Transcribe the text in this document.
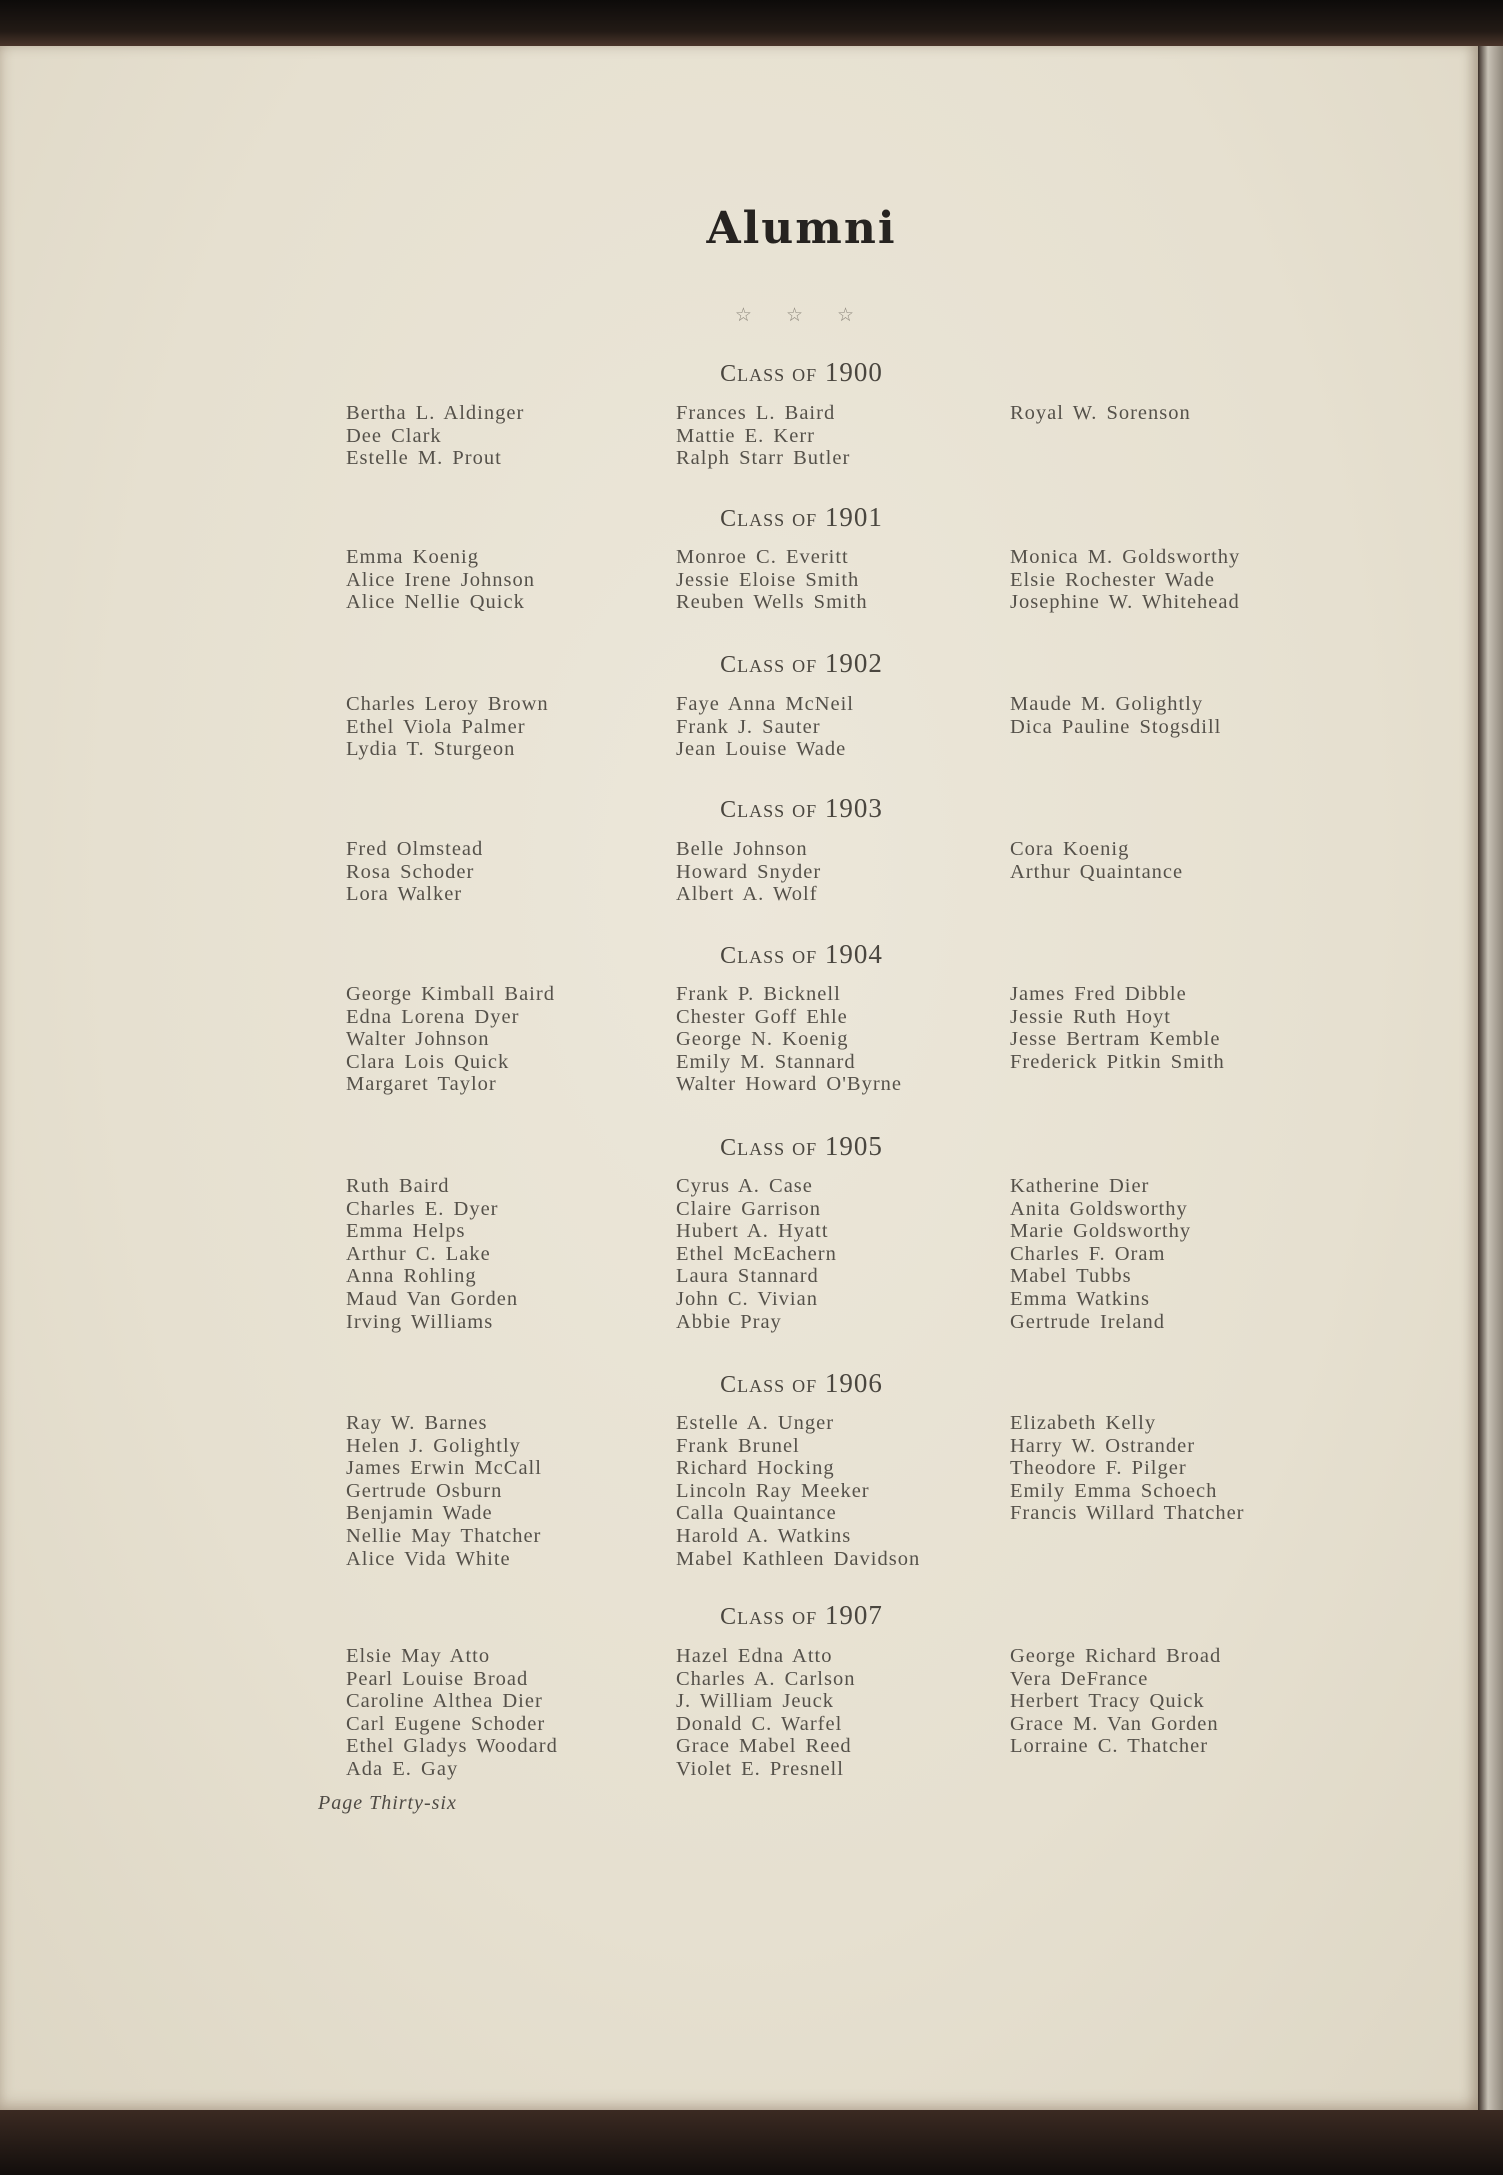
Alumni
☆ ☆ ☆
CLASS OF 1900
Bertha L. Aldinger
Dee Clark
Estelle M. Prout
Frances L. Baird
Mattie E. Kerr
Ralph Starr Butler
Royal W. Sorenson
CLASS OF 1901
Emma Koenig
Alice Irene Johnson
Alice Nellie Quick
Monroe C. Everitt
Jessie Eloise Smith
Reuben Wells Smith
Monica M. Goldsworthy
Elsie Rochester Wade
Josephine W. Whitehead
CLASS OF 1902
Charles Leroy Brown
Ethel Viola Palmer
Lydia T. Sturgeon
Faye Anna McNeil
Frank J. Sauter
Jean Louise Wade
Maude M. Golightly
Dica Pauline Stogsdill
CLASS OF 1903
Fred Olmstead
Rosa Schoder
Lora Walker
Belle Johnson
Howard Snyder
Albert A. Wolf
Cora Koenig
Arthur Quaintance
CLASS OF 1904
George Kimball Baird
Edna Lorena Dyer
Walter Johnson
Clara Lois Quick
Margaret Taylor
Frank P. Bicknell
Chester Goff Ehle
George N. Koenig
Emily M. Stannard
Walter Howard O'Byrne
James Fred Dibble
Jessie Ruth Hoyt
Jesse Bertram Kemble
Frederick Pitkin Smith
CLASS OF 1905
Ruth Baird
Charles E. Dyer
Emma Helps
Arthur C. Lake
Anna Rohling
Maud Van Gorden
Irving Williams
Cyrus A. Case
Claire Garrison
Hubert A. Hyatt
Ethel McEachern
Laura Stannard
John C. Vivian
Abbie Pray
Katherine Dier
Anita Goldsworthy
Marie Goldsworthy
Charles F. Oram
Mabel Tubbs
Emma Watkins
Gertrude Ireland
CLASS OF 1906
Ray W. Barnes
Helen J. Golightly
James Erwin McCall
Gertrude Osburn
Benjamin Wade
Nellie May Thatcher
Alice Vida White
Estelle A. Unger
Frank Brunel
Richard Hocking
Lincoln Ray Meeker
Calla Quaintance
Harold A. Watkins
Mabel Kathleen Davidson
Elizabeth Kelly
Harry W. Ostrander
Theodore F. Pilger
Emily Emma Schoech
Francis Willard Thatcher
CLASS OF 1907
Elsie May Atto
Pearl Louise Broad
Caroline Althea Dier
Carl Eugene Schoder
Ethel Gladys Woodard
Ada E. Gay
Hazel Edna Atto
Charles A. Carlson
J. William Jeuck
Donald C. Warfel
Grace Mabel Reed
Violet E. Presnell
George Richard Broad
Vera DeFrance
Herbert Tracy Quick
Grace M. Van Gorden
Lorraine C. Thatcher
Page Thirty-six
